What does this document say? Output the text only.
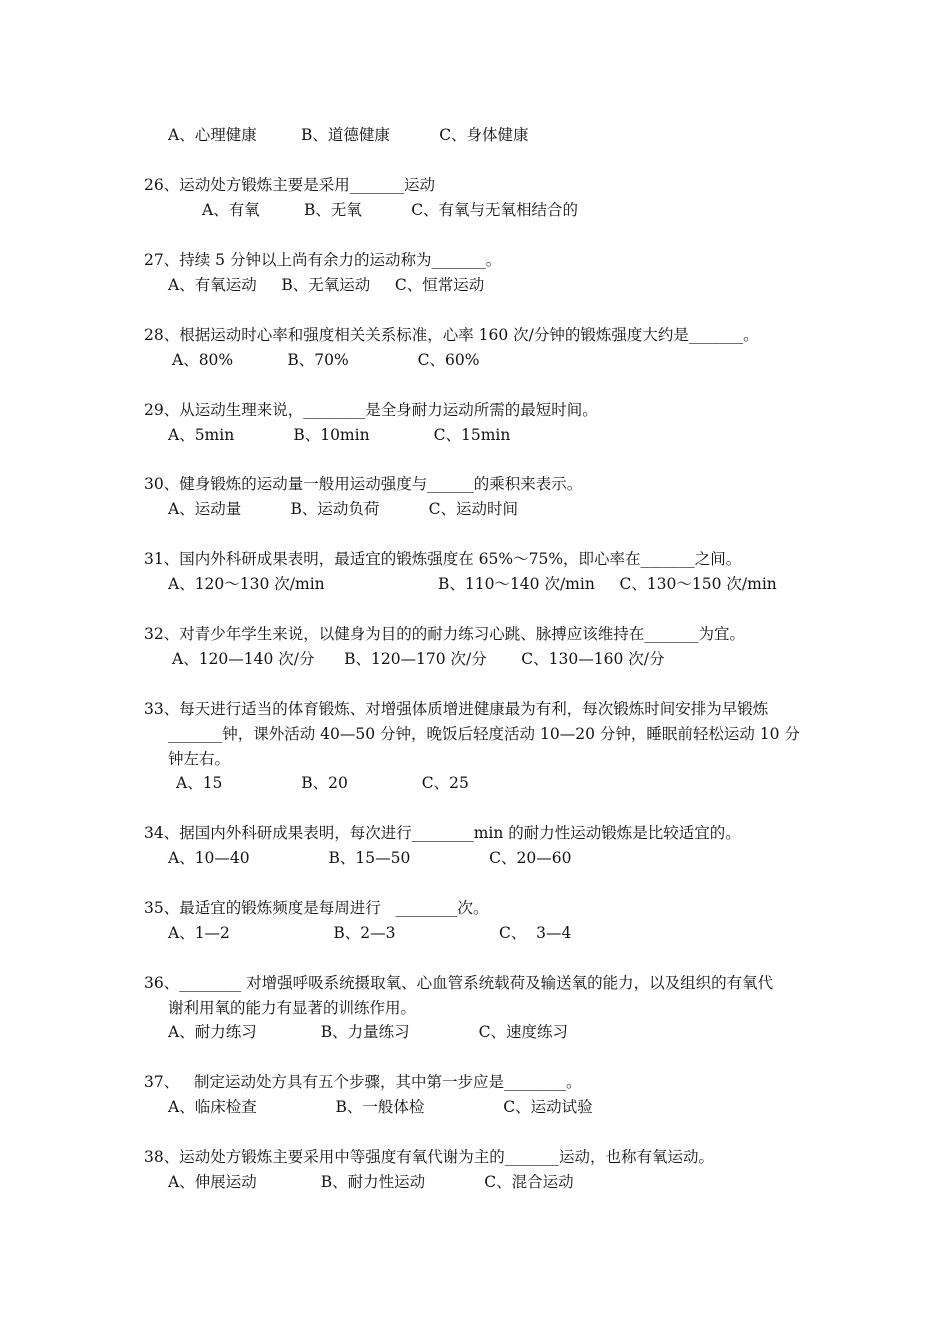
A、心理健康         B、道德健康          C、身体健康
26、运动处方锻炼主要是采用_______运动
A、有氧         B、无氧          C、有氧与无氧相结合的
27、持续 5 分钟以上尚有余力的运动称为_______。
A、有氧运动     B、无氧运动     C、恒常运动
28、根据运动时心率和强度相关关系标准，心率 160 次/分钟的锻炼强度大约是_______。
A、80%           B、70%              C、60%
29、从运动生理来说，________是全身耐力运动所需的最短时间。
A、5min            B、10min             C、15min
30、健身锻炼的运动量一般用运动强度与______的乘积来表示。
A、运动量          B、运动负荷          C、运动时间
31、国内外科研成果表明，最适宜的锻炼强度在 65%～75%，即心率在_______之间。
A、120～130 次/min                       B、110～140 次/min     C、130～150 次/min
32、对青少年学生来说，以健身为目的的耐力练习心跳、脉搏应该维持在_______为宜。
A、120—140 次/分      B、120—170 次/分       C、130—160 次/分
33、每天进行适当的体育锻炼、对增强体质增进健康最为有利，每次锻炼时间安排为早锻炼
_______钟，课外活动 40—50 分钟，晚饭后轻度活动 10—20 分钟，睡眠前轻松运动 10 分
钟左右。
A、15                B、20               C、25
34、据国内外科研成果表明，每次进行________min 的耐力性运动锻炼是比较适宜的。
A、10—40                B、15—50                C、20—60
35、最适宜的锻炼频度是每周进行   ________次。
A、1—2                     B、2—3                     C、  3—4
36、________ 对增强呼吸系统摄取氧、心血管系统载荷及输送氧的能力，以及组织的有氧代
谢利用氧的能力有显著的训练作用。
A、耐力练习             B、力量练习              C、速度练习
37、   制定运动处方具有五个步骤，其中第一步应是________。
A、临床检查                B、一般体检                C、运动试验
38、运动处方锻炼主要采用中等强度有氧代谢为主的_______运动，也称有氧运动。
A、伸展运动             B、耐力性运动            C、混合运动
